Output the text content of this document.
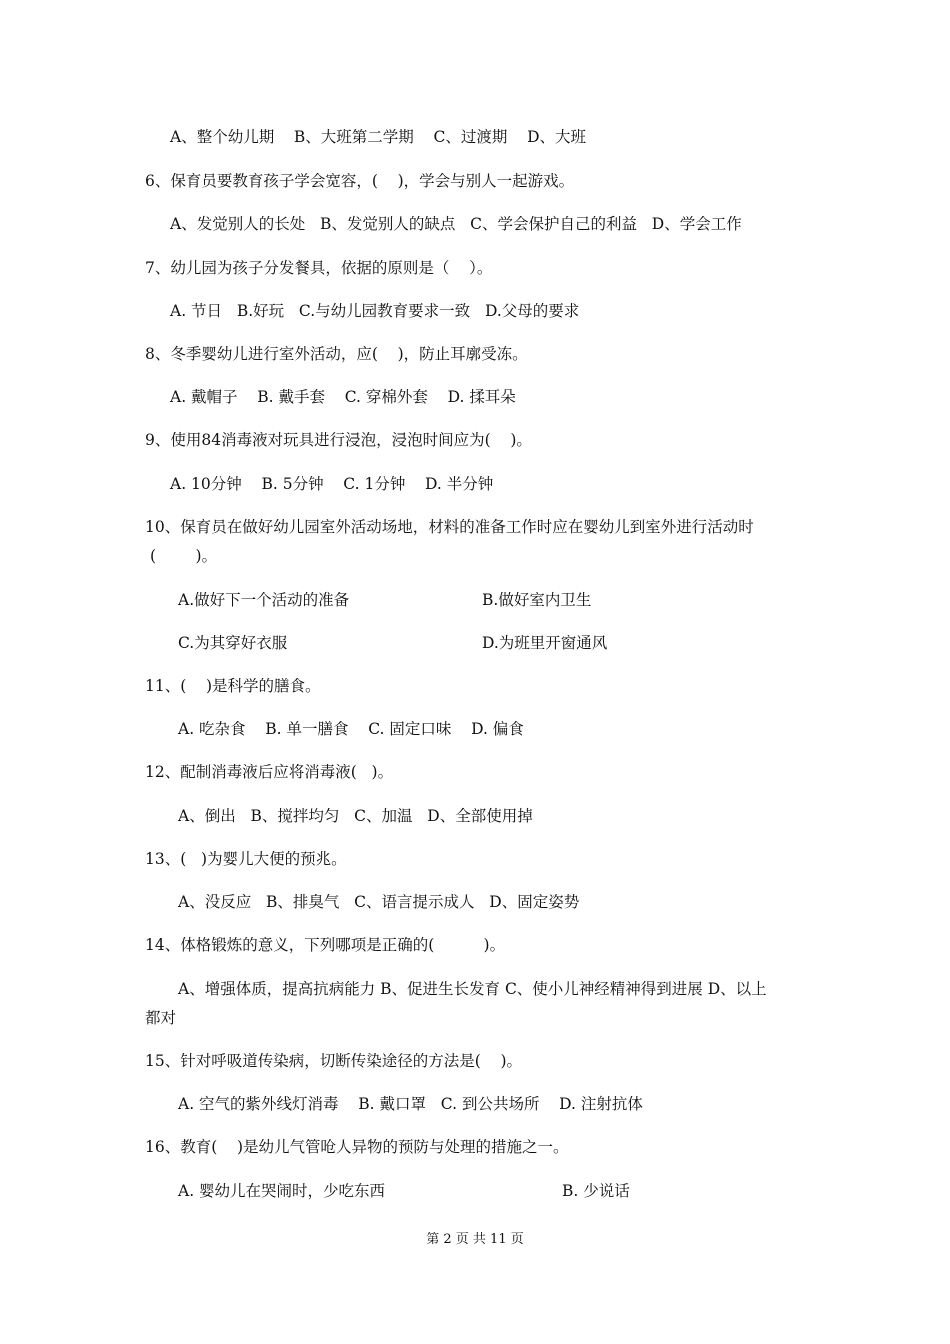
A、整个幼儿期    B、大班第二学期    C、过渡期    D、大班

6、保育员要教育孩子学会宽容，(    )，学会与别人一起游戏。

A、发觉别人的长处   B、发觉别人的缺点   C、学会保护自己的利益   D、学会工作

7、幼儿园为孩子分发餐具，依据的原则是（    ）。

A. 节日   B.好玩   C.与幼儿园教育要求一致   D.父母的要求

8、冬季婴幼儿进行室外活动，应(    )，防止耳廓受冻。

A. 戴帽子    B. 戴手套    C. 穿棉外套    D. 揉耳朵

9、使用84消毒液对玩具进行浸泡，浸泡时间应为(    )。

A. 10分钟    B. 5分钟    C. 1分钟    D. 半分钟

10、保育员在做好幼儿园室外活动场地，材料的准备工作时应在婴幼儿到室外进行活动时

(        )。

A.做好下一个活动的准备	B.做好室内卫生

C.为其穿好衣服	D.为班里开窗通风

11、(    )是科学的膳食。

A. 吃杂食    B. 单一膳食    C. 固定口味    D. 偏食

12、配制消毒液后应将消毒液(   )。

A、倒出   B、搅拌均匀   C、加温   D、全部使用掉

13、(   )为婴儿大便的预兆。

A、没反应   B、排臭气   C、语言提示成人   D、固定姿势

14、体格锻炼的意义，下列哪项是正确的(          )。

A、增强体质，提高抗病能力 B、促进生长发育 C、使小儿神经精神得到进展 D、以上

都对

15、针对呼吸道传染病，切断传染途径的方法是(    )。

A. 空气的紫外线灯消毒    B. 戴口罩   C. 到公共场所    D. 注射抗体

16、教育(    )是幼儿气管呛人异物的预防与处理的措施之一。

A. 婴幼儿在哭闹时，少吃东西	B. 少说话

第 2 页 共 11 页
